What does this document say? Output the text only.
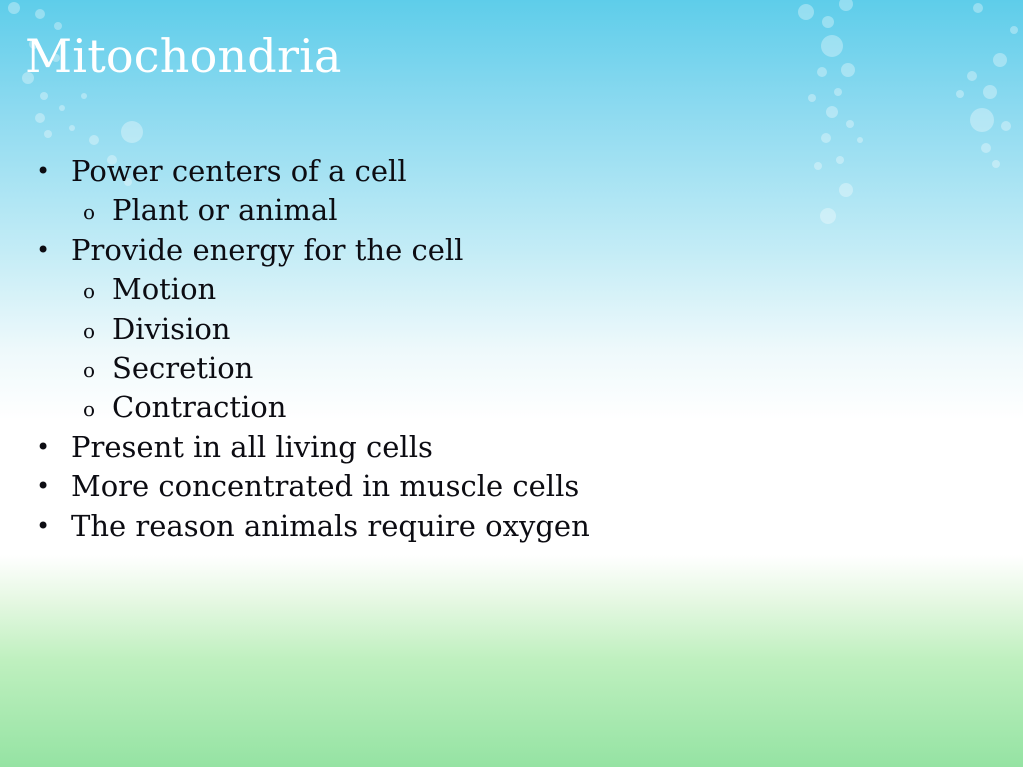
Mitochondria
• Power centers of a cell
o Plant or animal
• Provide energy for the cell
o Motion
o Division
o Secretion
o Contraction
• Present in all living cells
• More concentrated in muscle cells
• The reason animals require oxygen
